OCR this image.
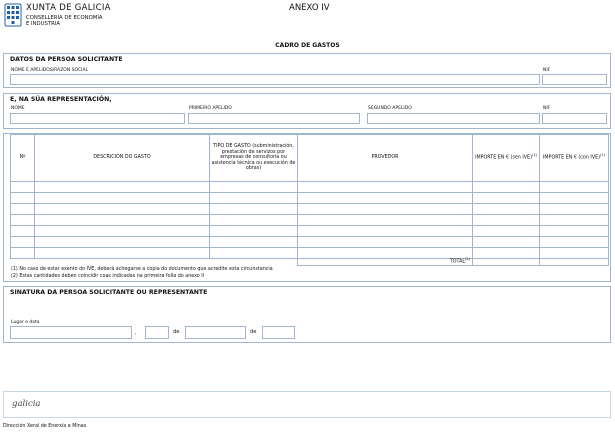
XUNTA DE GALICIA
CONSELLERÍA DE ECONOMÍA
E INDUSTRIA
ANEXO IV
CADRO DE GASTOS
DATOS DA PERSOA SOLICITANTE
NOME E APELIDOS/RAZÓN SOCIAL	NIF
E, NA SÚA REPRESENTACIÓN,
NOME	PRIMEIRO APELIDO	SEGUNDO APELIDO	NIF
Nº	DESCRICIÓN DO GASTO	TIPO DE GASTO (subministración, prestación de servizos por empresas de consultoría ou asistencia técnica ou execución de obras)	PROVEDOR	IMPORTE EN € (sen IVE)$^{(1)}$	IMPORTE EN € (con IVE)$^{(1)}$

			TOTAL$^{(2)}$		
(1) No caso de estar exento do IVE, deberá achegarse a copia do documento que acredite esta circunstancia
(2) Estas cantidades deben coincidir coas indicadas na primeira folla do anexo II
SINATURA DA PERSOA SOLICITANTE OU REPRESENTANTE
Lugar e data
,	de	de
galicia
Dirección Xeral de Enerxía e Minas
